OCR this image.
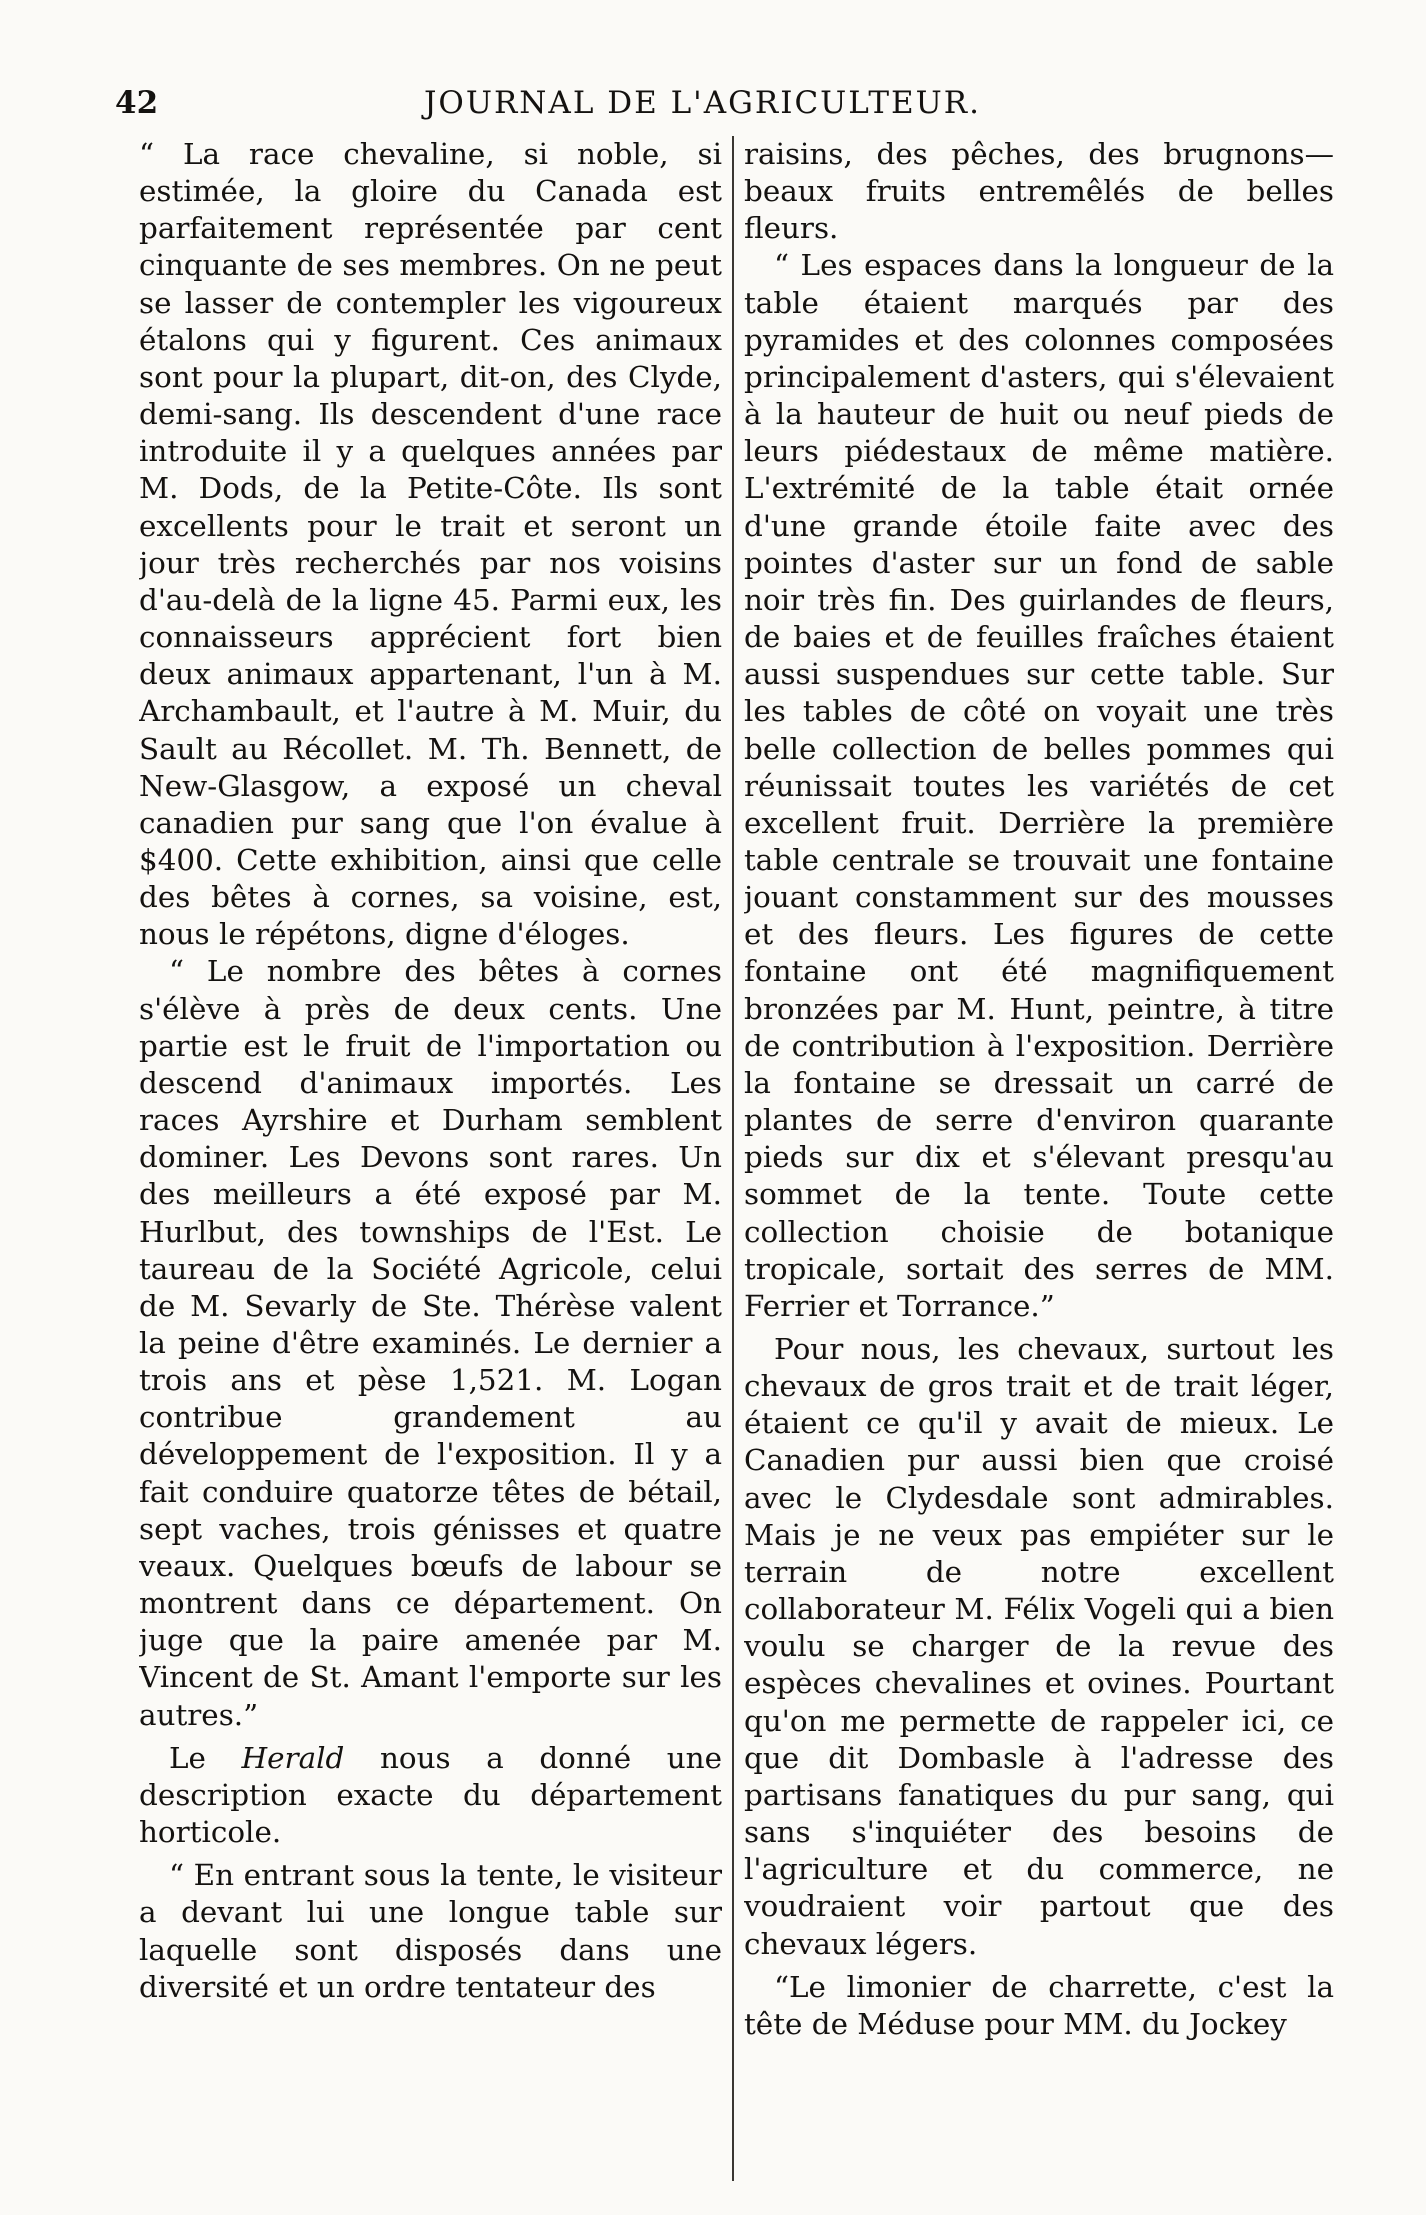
42	JOURNAL DE L'AGRICULTEUR.

“ La race chevaline, si noble, si estimée, la gloire du Canada est parfaitement représentée par cent cinquante de ses membres. On ne peut se lasser de contempler les vigoureux étalons qui y figurent. Ces animaux sont pour la plupart, dit-on, des Clyde, demi-sang. Ils descendent d'une race introduite il y a quelques années par M. Dods, de la Petite-Côte. Ils sont excellents pour le trait et seront un jour très recherchés par nos voisins d'au-delà de la ligne 45. Parmi eux, les connaisseurs apprécient fort bien deux animaux appartenant, l'un à M. Archambault, et l'autre à M. Muir, du Sault au Récollet. M. Th. Bennett, de New-Glasgow, a exposé un cheval canadien pur sang que l'on évalue à $400. Cette exhibition, ainsi que celle des bêtes à cornes, sa voisine, est, nous le répétons, digne d'éloges.

“ Le nombre des bêtes à cornes s'élève à près de deux cents. Une partie est le fruit de l'importation ou descend d'animaux importés. Les races Ayrshire et Durham semblent dominer. Les Devons sont rares. Un des meilleurs a été exposé par M. Hurlbut, des townships de l'Est. Le taureau de la Société Agricole, celui de M. Sevarly de Ste. Thérèse valent la peine d'être examinés. Le dernier a trois ans et pèse 1,521. M. Logan contribue grandement au développement de l'exposition. Il y a fait conduire quatorze têtes de bétail, sept vaches, trois génisses et quatre veaux. Quelques bœufs de labour se montrent dans ce département. On juge que la paire amenée par M. Vincent de St. Amant l'emporte sur les autres.”

Le Herald nous a donné une description exacte du département horticole.

“ En entrant sous la tente, le visiteur a devant lui une longue table sur laquelle sont disposés dans une diversité et un ordre tentateur des

raisins, des pêches, des brugnons— beaux fruits entremêlés de belles fleurs.

“ Les espaces dans la longueur de la table étaient marqués par des pyramides et des colonnes composées principalement d'asters, qui s'élevaient à la hauteur de huit ou neuf pieds de leurs piédestaux de même matière. L'extrémité de la table était ornée d'une grande étoile faite avec des pointes d'aster sur un fond de sable noir très fin. Des guirlandes de fleurs, de baies et de feuilles fraîches étaient aussi suspendues sur cette table. Sur les tables de côté on voyait une très belle collection de belles pommes qui réunissait toutes les variétés de cet excellent fruit. Derrière la première table centrale se trouvait une fontaine jouant constamment sur des mousses et des fleurs. Les figures de cette fontaine ont été magnifiquement bronzées par M. Hunt, peintre, à titre de contribution à l'exposition. Derrière la fontaine se dressait un carré de plantes de serre d'environ quarante pieds sur dix et s'élevant presqu'au sommet de la tente. Toute cette collection choisie de botanique tropicale, sortait des serres de MM. Ferrier et Torrance.”

Pour nous, les chevaux, surtout les chevaux de gros trait et de trait léger, étaient ce qu'il y avait de mieux. Le Canadien pur aussi bien que croisé avec le Clydesdale sont admirables. Mais je ne veux pas empiéter sur le terrain de notre excellent collaborateur M. Félix Vogeli qui a bien voulu se charger de la revue des espèces chevalines et ovines. Pourtant qu'on me permette de rappeler ici, ce que dit Dombasle à l'adresse des partisans fanatiques du pur sang, qui sans s'inquiéter des besoins de l'agriculture et du commerce, ne voudraient voir partout que des chevaux légers.

“Le limonier de charrette, c'est la tête de Méduse pour MM. du Jockey
